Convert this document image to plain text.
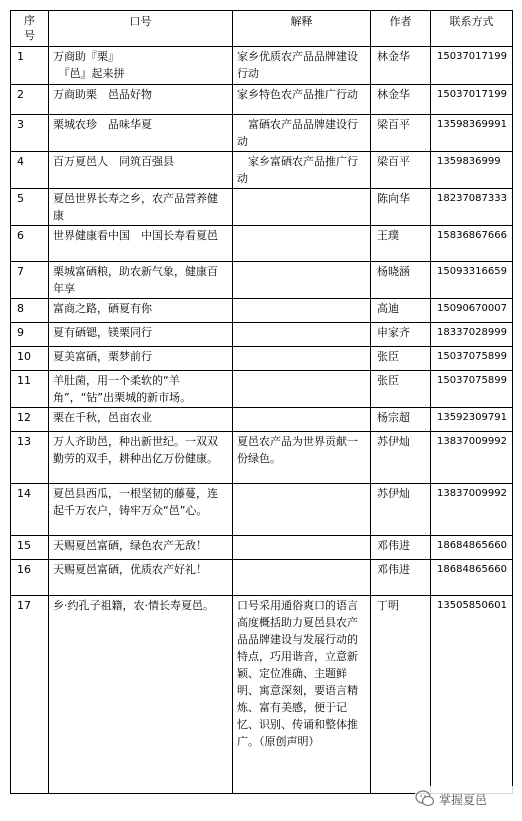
序号	口号	解释	作者	联系方式
1	万商助『栗』
　『邑』起来拼	家乡优质农产品品牌建设行动	林金华	15037017199
2	万商助栗　邑品好物	家乡特色农产品推广行动	林金华	15037017199
3	栗城农珍　品味华夏	　富硒农产品品牌建设行动	梁百平	13598369991
4	百万夏邑人　同筑百强县	　家乡富硒农产品推广行动	梁百平	1359836999
5	夏邑世界长寿之乡，农产品营养健康		陈向华	18237087333
6	世界健康看中国　中国长寿看夏邑		王璞	15836867666
7	栗城富硒粮，助农新气象，健康百年享		杨晓涵	15093316659
8	富商之路，硒夏有你		高迪	15090670007
9	夏有硒锶，镁栗同行		申家齐	18337028999
10	夏美富硒，栗梦前行		张臣	15037075899
11	羊肚菌，用一个柔软的“羊角”，“钻”出栗城的新市场。		张臣	15037075899
12	栗在千秋，邑亩农业		杨宗超	13592309791
13	万人齐助邑，种出新世纪。一双双勤劳的双手，耕种出亿万份健康。	夏邑农产品为世界贡献一份绿色。	苏伊灿	13837009992
14	夏邑县西瓜，一根坚韧的藤蔓，连起千万农户，铸牢万众“邑”心。		苏伊灿	13837009992
15	天赐夏邑富硒，绿色农产无敌！		邓伟进	18684865660
16	天赐夏邑富硒，优质农产好礼！		邓伟进	18684865660
17	乡·约孔子祖籍，农·情长寿夏邑。	口号采用通俗爽口的语言高度概括助力夏邑县农产品品牌建设与发展行动的特点，巧用谐音，立意新颖、定位准确、主题鲜明、寓意深刻，要语言精炼、富有美感，便于记忆、识别、传诵和整体推广。（原创声明）	丁明	13505850601
掌握夏邑
